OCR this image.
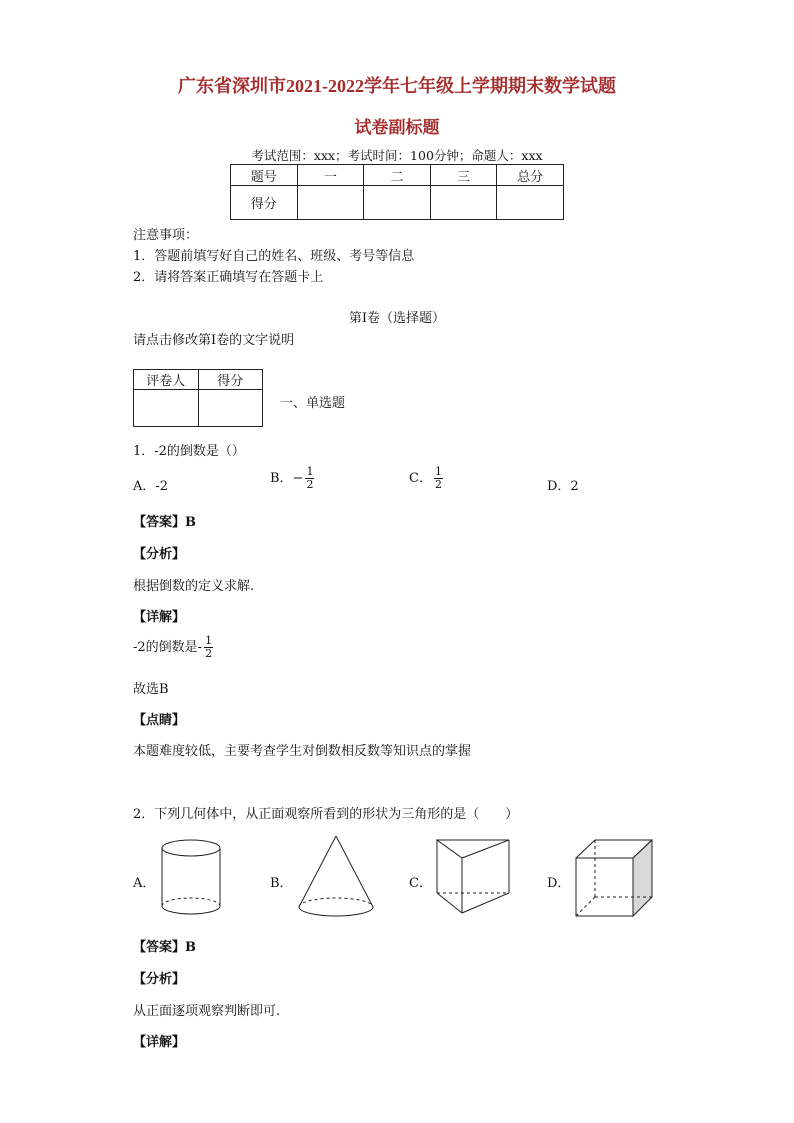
广东省深圳市2021-2022学年七年级上学期期末数学试题
试卷副标题
考试范围：xxx；考试时间：100分钟；命题人：xxx
题号	一	二	三	总分
得分				
注意事项：
1．答题前填写好自己的姓名、班级、考号等信息
2．请将答案正确填写在答题卡上
第I卷（选择题）
请点击修改第I卷的文字说明
评卷人	得分

一、单选题
1．-2的倒数是（）
A．-2
B．− $\frac{1}{2}$	C． $\frac{1}{2}$	D．2
【答案】B
【分析】
根据倒数的定义求解.
【详解】
-2的倒数是- $\frac{1}{2}$
故选B
【点睛】
本题难度较低，主要考查学生对倒数相反数等知识点的掌握
2．下列几何体中，从正面观察所看到的形状为三角形的是（　　）
A．	B．	C．	D．
【答案】B
【分析】
从正面逐项观察判断即可.
【详解】
